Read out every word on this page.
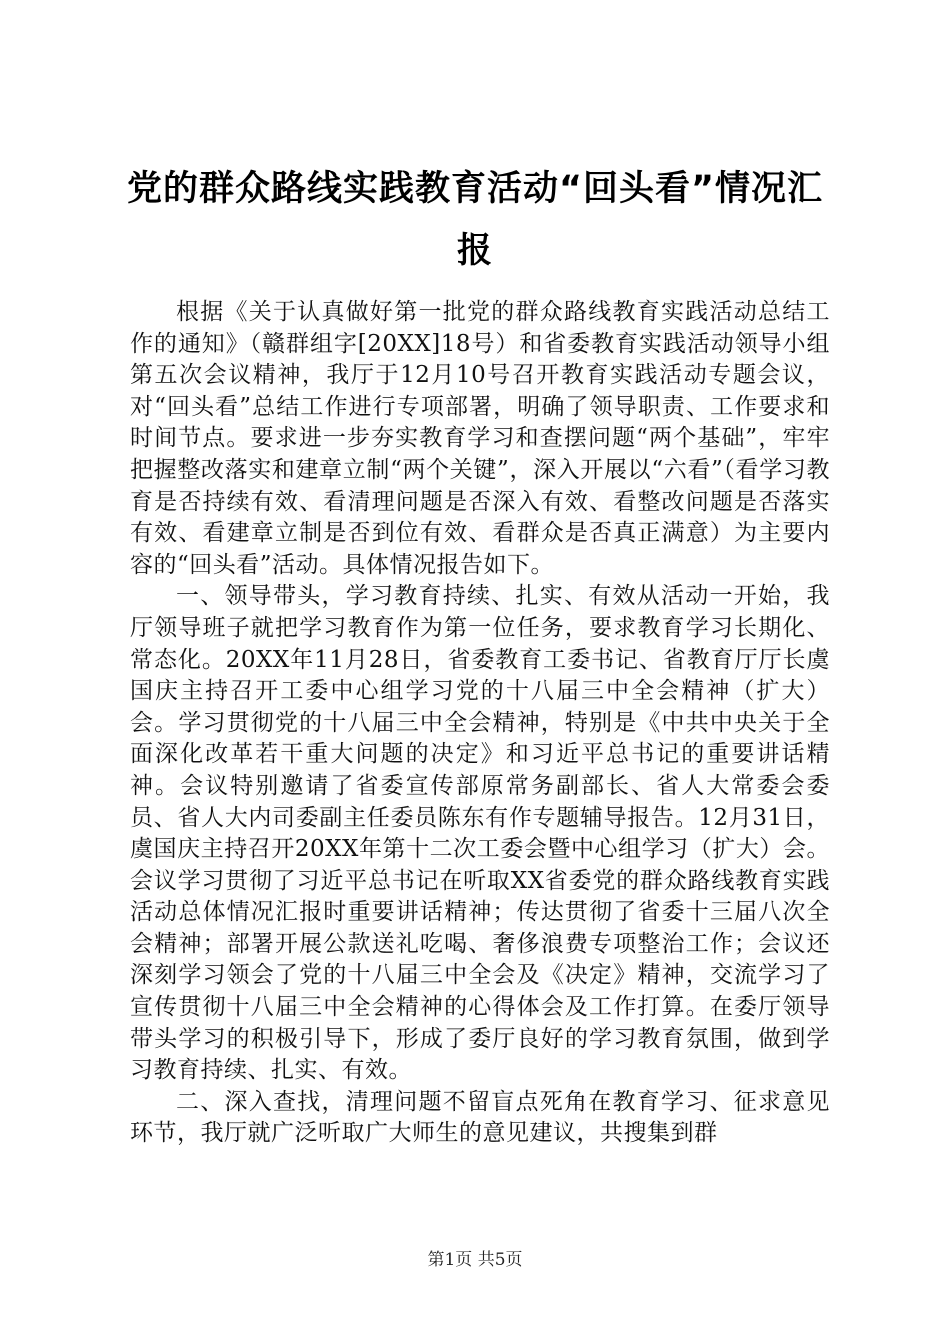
党的群众路线实践教育活动“回头看”情况汇报

根据《关于认真做好第一批党的群众路线教育实践活动总结工作的通知》（赣群组字[20XX]18号）和省委教育实践活动领导小组第五次会议精神，我厅于12月10号召开教育实践活动专题会议，对“回头看”总结工作进行专项部署，明确了领导职责、工作要求和时间节点。要求进一步夯实教育学习和查摆问题“两个基础”，牢牢把握整改落实和建章立制“两个关键”，深入开展以“六看”（看学习教育是否持续有效、看清理问题是否深入有效、看整改问题是否落实有效、看建章立制是否到位有效、看群众是否真正满意）为主要内容的“回头看”活动。具体情况报告如下。

一、领导带头，学习教育持续、扎实、有效从活动一开始，我厅领导班子就把学习教育作为第一位任务，要求教育学习长期化、常态化。20XX年11月28日，省委教育工委书记、省教育厅厅长虞国庆主持召开工委中心组学习党的十八届三中全会精神（扩大）会。学习贯彻党的十八届三中全会精神，特别是《中共中央关于全面深化改革若干重大问题的决定》和习近平总书记的重要讲话精神。会议特别邀请了省委宣传部原常务副部长、省人大常委会委员、省人大内司委副主任委员陈东有作专题辅导报告。12月31日，虞国庆主持召开20XX年第十二次工委会暨中心组学习（扩大）会。会议学习贯彻了习近平总书记在听取XX省委党的群众路线教育实践活动总体情况汇报时重要讲话精神；传达贯彻了省委十三届八次全会精神；部署开展公款送礼吃喝、奢侈浪费专项整治工作；会议还深刻学习领会了党的十八届三中全会及《决定》精神，交流学习了宣传贯彻十八届三中全会精神的心得体会及工作打算。在委厅领导带头学习的积极引导下，形成了委厅良好的学习教育氛围，做到学习教育持续、扎实、有效。

二、深入查找，清理问题不留盲点死角在教育学习、征求意见环节，我厅就广泛听取广大师生的意见建议，共搜集到群

第1页 共5页
